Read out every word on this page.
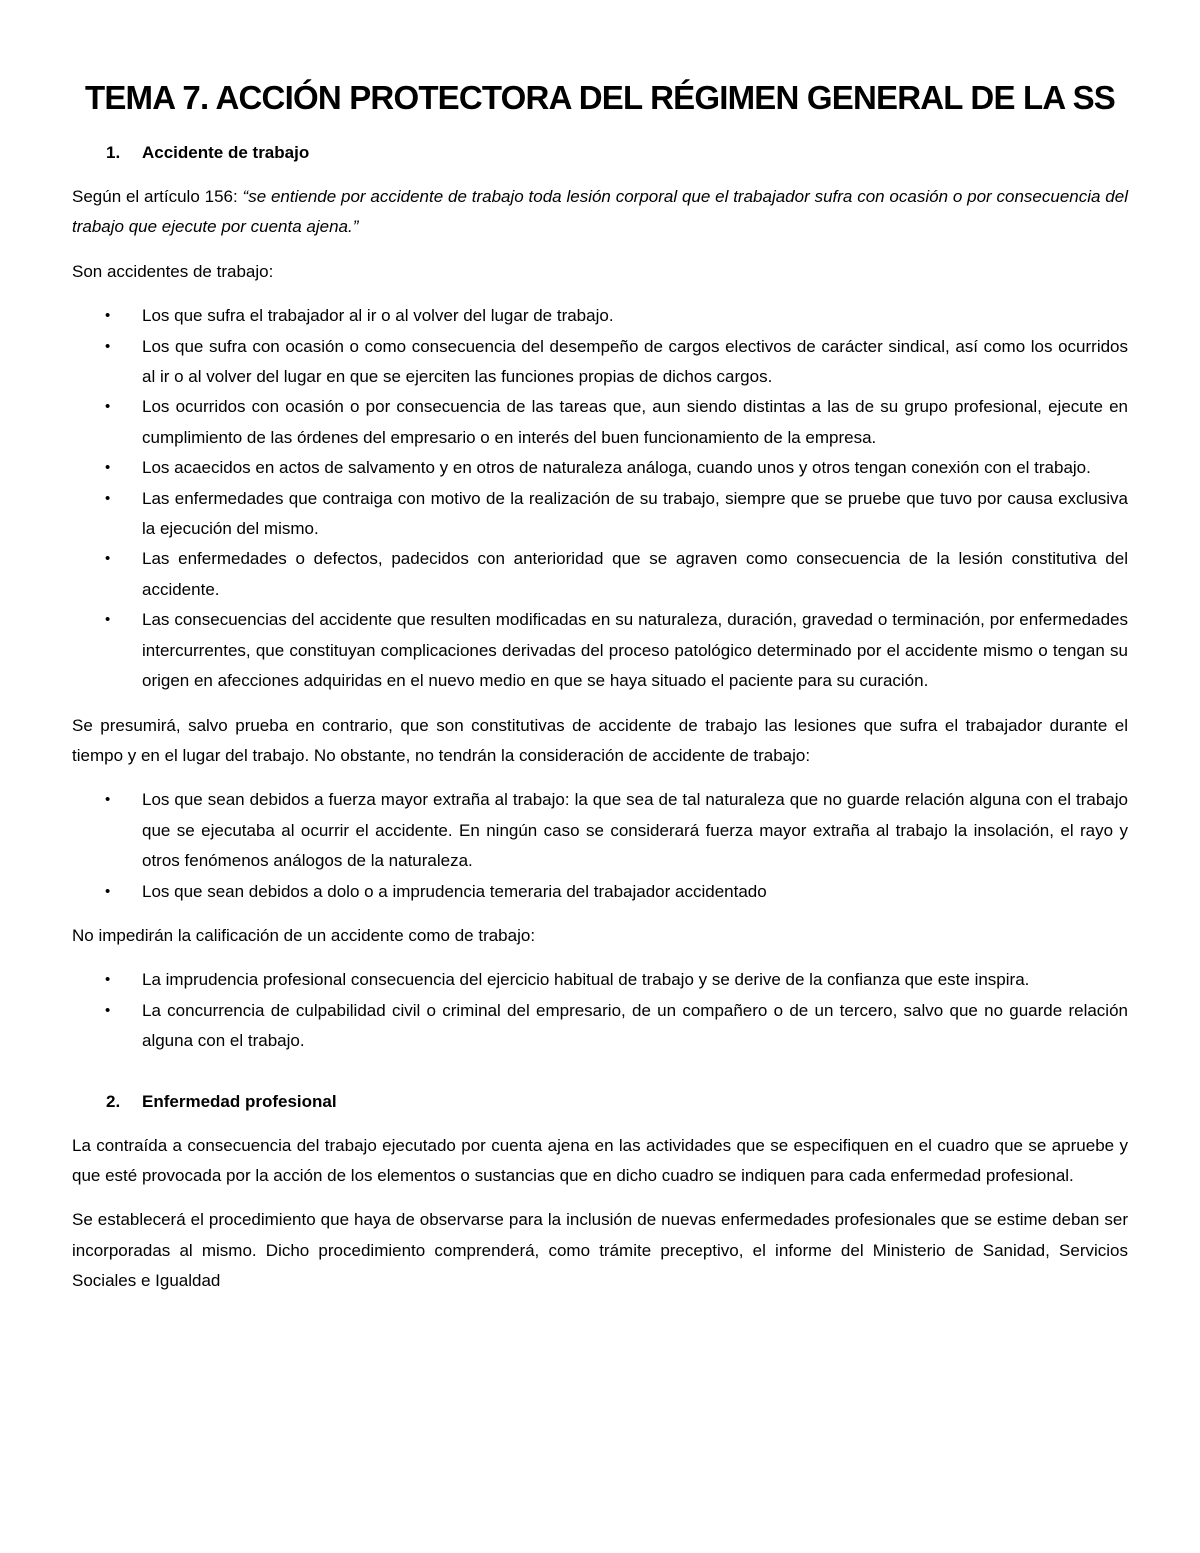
TEMA 7. ACCIÓN PROTECTORA DEL RÉGIMEN GENERAL DE LA SS
1. Accidente de trabajo

Según el artículo 156: “se entiende por accidente de trabajo toda lesión corporal que el trabajador sufra con ocasión o por consecuencia del trabajo que ejecute por cuenta ajena.”

Son accidentes de trabajo:

• Los que sufra el trabajador al ir o al volver del lugar de trabajo.
• Los que sufra con ocasión o como consecuencia del desempeño de cargos electivos de carácter sindical, así como los ocurridos al ir o al volver del lugar en que se ejerciten las funciones propias de dichos cargos.
• Los ocurridos con ocasión o por consecuencia de las tareas que, aun siendo distintas a las de su grupo profesional, ejecute en cumplimiento de las órdenes del empresario o en interés del buen funcionamiento de la empresa.
• Los acaecidos en actos de salvamento y en otros de naturaleza análoga, cuando unos y otros tengan conexión con el trabajo.
• Las enfermedades que contraiga con motivo de la realización de su trabajo, siempre que se pruebe que tuvo por causa exclusiva la ejecución del mismo.
• Las enfermedades o defectos, padecidos con anterioridad que se agraven como consecuencia de la lesión constitutiva del accidente.
• Las consecuencias del accidente que resulten modificadas en su naturaleza, duración, gravedad o terminación, por enfermedades intercurrentes, que constituyan complicaciones derivadas del proceso patológico determinado por el accidente mismo o tengan su origen en afecciones adquiridas en el nuevo medio en que se haya situado el paciente para su curación.

Se presumirá, salvo prueba en contrario, que son constitutivas de accidente de trabajo las lesiones que sufra el trabajador durante el tiempo y en el lugar del trabajo. No obstante, no tendrán la consideración de accidente de trabajo:

• Los que sean debidos a fuerza mayor extraña al trabajo: la que sea de tal naturaleza que no guarde relación alguna con el trabajo que se ejecutaba al ocurrir el accidente. En ningún caso se considerará fuerza mayor extraña al trabajo la insolación, el rayo y otros fenómenos análogos de la naturaleza.
• Los que sean debidos a dolo o a imprudencia temeraria del trabajador accidentado

No impedirán la calificación de un accidente como de trabajo:

• La imprudencia profesional consecuencia del ejercicio habitual de trabajo y se derive de la confianza que este inspira.
• La concurrencia de culpabilidad civil o criminal del empresario, de un compañero o de un tercero, salvo que no guarde relación alguna con el trabajo.
2. Enfermedad profesional

La contraída a consecuencia del trabajo ejecutado por cuenta ajena en las actividades que se especifiquen en el cuadro que se apruebe y que esté provocada por la acción de los elementos o sustancias que en dicho cuadro se indiquen para cada enfermedad profesional.

Se establecerá el procedimiento que haya de observarse para la inclusión de nuevas enfermedades profesionales que se estime deban ser incorporadas al mismo. Dicho procedimiento comprenderá, como trámite preceptivo, el informe del Ministerio de Sanidad, Servicios Sociales e Igualdad
